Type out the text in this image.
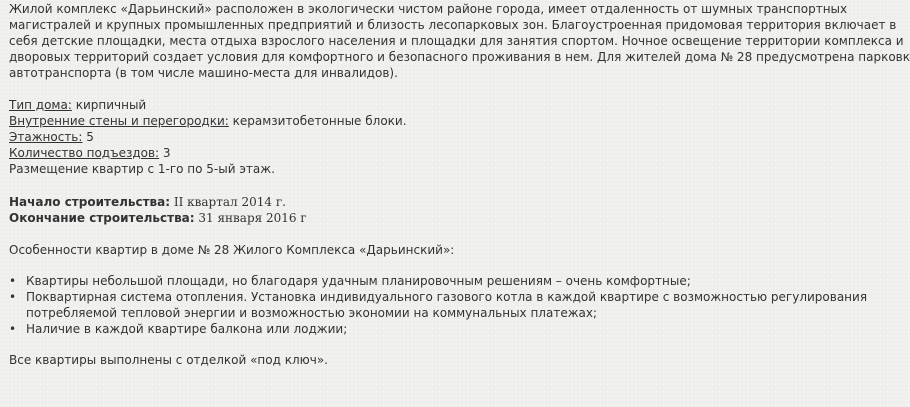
Жилой комплекс «Дарьинский» расположен в экологически чистом районе города, имеет отдаленность от шумных транспортных
магистралей и крупных промышленных предприятий и близость лесопарковых зон. Благоустроенная придомовая территория включает в
себя детские площадки, места отдыха взрослого населения и площадки для занятия спортом. Ночное освещение территории комплекса и
дворовых территорий создает условия для комфортного и безопасного проживания в нем. Для жителей дома № 28 предусмотрена парковк
автотранспорта (в том числе машино-места для инвалидов).

Тип дома: кирпичный
Внутренние стены и перегородки: керамзитобетонные блоки.
Этажность: 5
Количество подъездов: 3
Размещение квартир с 1-го по 5-ый этаж.
Начало строительства: II квартал 2014 г.
Окончание строительства: 31 января 2016 г
Особенности квартир в доме № 28 Жилого Комплекса «Дарьинский»:
• Квартиры небольшой площади, но благодаря удачным планировочным решениям – очень комфортные;
• Поквартирная система отопления. Установка индивидуального газового котла в каждой квартире с возможностью регулирования
потребляемой тепловой энергии и возможностью экономии на коммунальных платежах;
• Наличие в каждой квартире балкона или лоджии;
Все квартиры выполнены с отделкой «под ключ».
